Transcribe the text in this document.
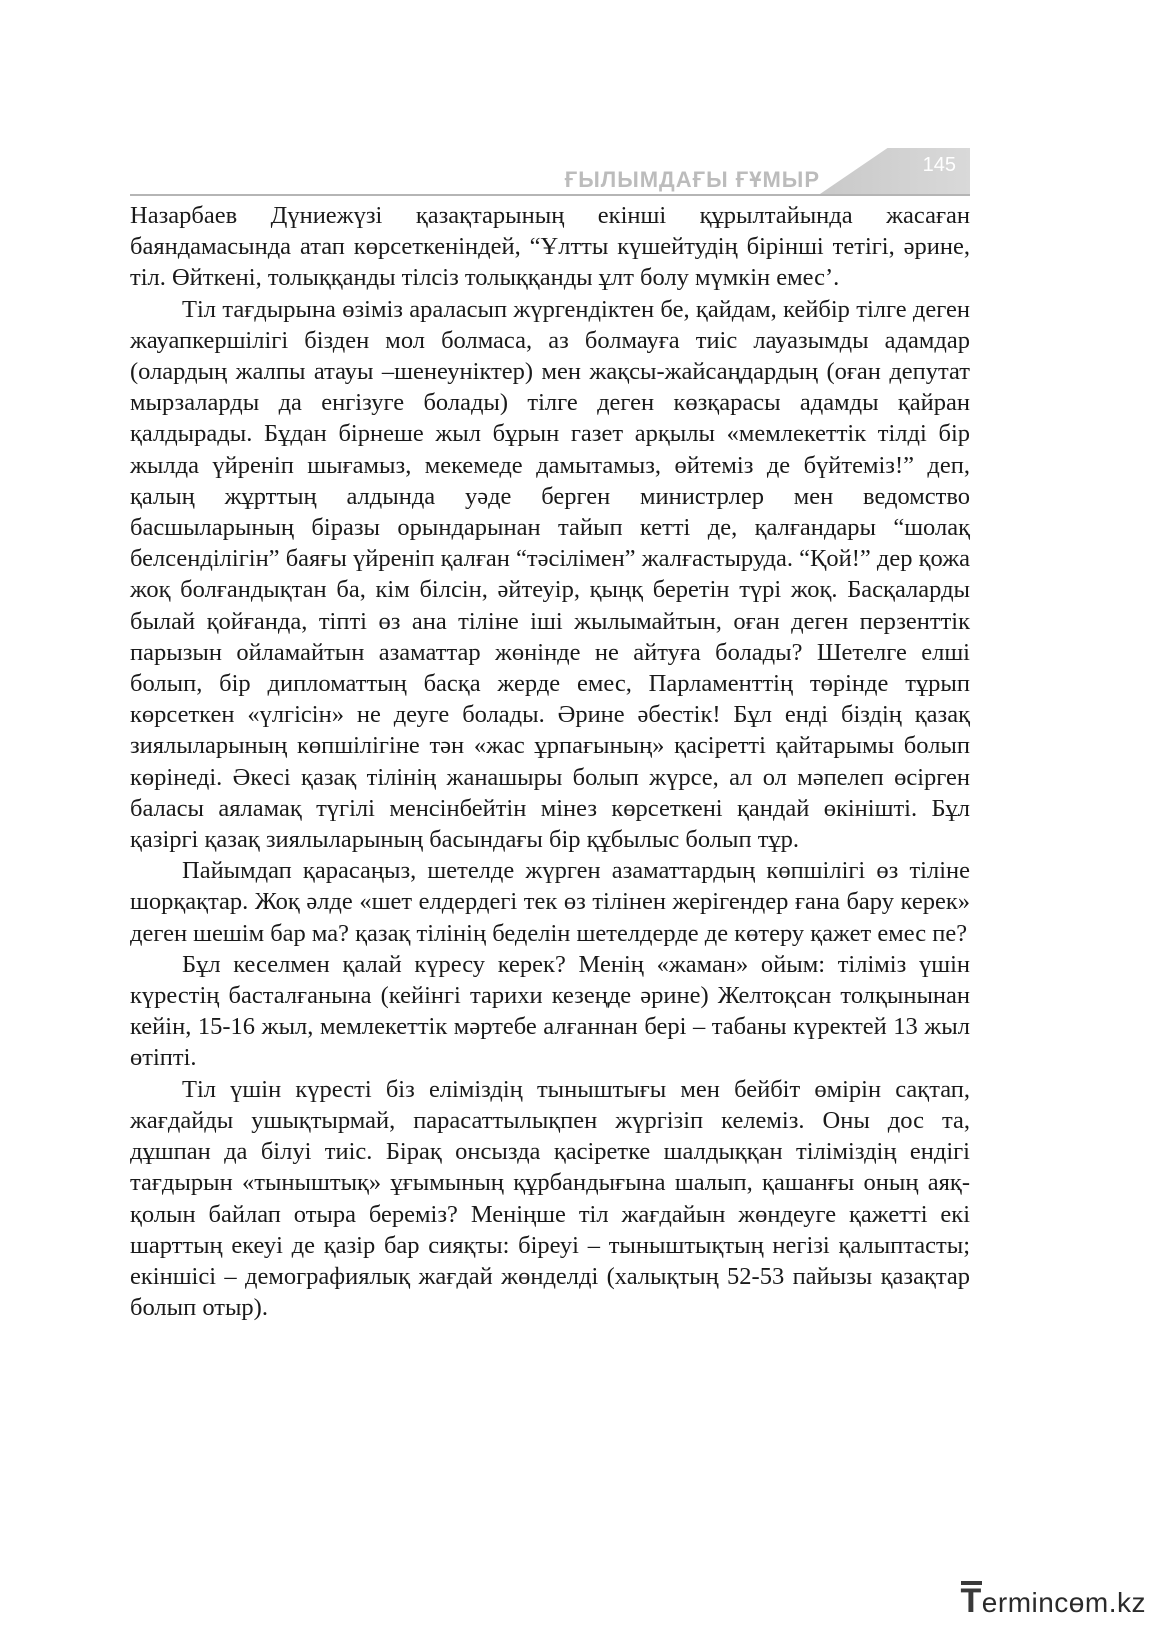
ҒЫЛЫМДАҒЫ ҒҰМЫР
145

Назарбаев Дүниежүзі қазақтарының екінші құрылтайында жасаған баяндамасында атап көрсеткеніндей, “Ұлтты күшейтудің бірінші тетігі, әрине, тіл. Өйткені, толыққанды тілсіз толыққанды ұлт болу мүмкін емес’.

Тіл тағдырына өзіміз араласып жүргендіктен бе, қайдам, кейбір тілге деген жауапкершілігі бізден мол болмаса, аз болмауға тиіс лауазымды адамдар (олардың жалпы атауы –шенеуніктер) мен жақсы-жайсаңдардың (оған депутат мырзаларды да енгізуге болады) тілге деген көзқарасы адамды қайран қалдырады. Бұдан бірнеше жыл бұрын газет арқылы «мемлекеттік тілді бір жылда үйреніп шығамыз, мекемеде дамытамыз, өйтеміз де бүйтеміз!” деп, қалың жұрттың алдында уәде берген министрлер мен ведомство басшыларының біразы орындарынан тайып кетті де, қалғандары “шолақ белсенділігін” баяғы үйреніп қалған “тәсілімен” жалғастыруда. “Қой!” дер қожа жоқ болғандықтан ба, кім білсін, әйтеуір, қыңқ беретін түрі жоқ. Басқаларды былай қойғанда, тіпті өз ана тіліне іші жылымайтын, оған деген перзенттік парызын ойламайтын азаматтар жөнінде не айтуға болады? Шетелге елші болып, бір дипломаттың басқа жерде емес, Парламенттің төрінде тұрып көрсеткен «үлгісін» не деуге болады. Әрине әбестік! Бұл енді біздің қазақ зиялыларының көпшілігіне тән «жас ұрпағының» қасіретті қайтарымы болып көрінеді. Әкесі қазақ тілінің жанашыры болып жүрсе, ал ол мәпелеп өсірген баласы аяламақ түгілі менсінбейтін мінез көрсеткені қандай өкінішті. Бұл қазіргі қазақ зиялыларының басындағы бір құбылыс болып тұр.

Пайымдап қарасаңыз, шетелде жүрген азаматтардың көпшілігі өз тіліне шорқақтар. Жоқ әлде «шет елдердегі тек өз тілінен жерігендер ғана бару керек» деген шешім бар ма? қазақ тілінің беделін шетелдерде де көтеру қажет емес пе?

Бұл кеселмен қалай күресу керек? Менің «жаман» ойым: тіліміз үшін күрестің басталғанына (кейінгі тарихи кезеңде әрине) Желтоқсан толқынынан кейін, 15-16 жыл, мемлекеттік мәртебе алғаннан бері – табаны күректей 13 жыл өтіпті.

Тіл үшін күресті біз еліміздің тыныштығы мен бейбіт өмірін сақтап, жағдайды ушықтырмай, парасаттылықпен жүргізіп келеміз. Оны дос та, дұшпан да білуі тиіс. Бірақ онсызда қасіретке шалдыққан тіліміздің ендігі тағдырын «тыныштық» ұғымының құрбандығына шалып, қашанғы оның аяқ-қолын байлап отыра береміз? Меніңше тіл жағдайын жөндеуге қажетті екі шарттың екеуі де қазір бар сияқты: біреуі – тыныштықтың негізі қалыптасты; екіншісі – демографиялық жағдай жөнделді (халықтың 52-53 пайызы қазақтар болып отыр).

T ermincөm.kz
